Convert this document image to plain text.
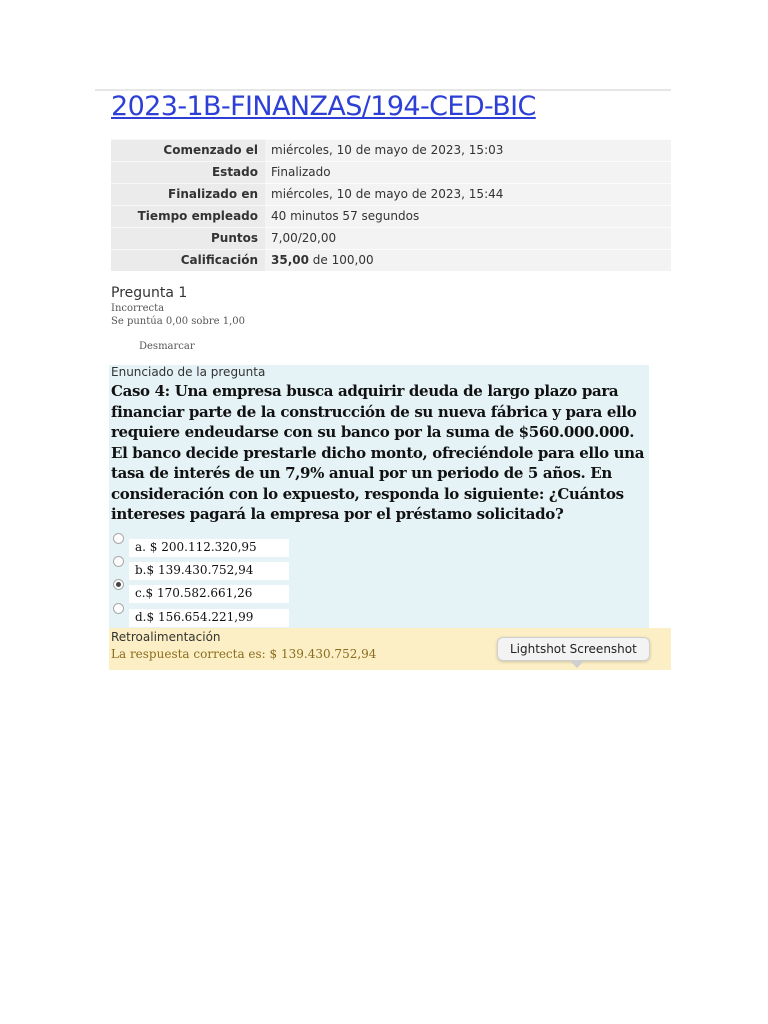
2023-1B-FINANZAS/194-CED-BIC
Comenzado el	miércoles, 10 de mayo de 2023, 15:03
Estado	Finalizado
Finalizado en	miércoles, 10 de mayo de 2023, 15:44
Tiempo empleado	40 minutos 57 segundos
Puntos	7,00/20,00
Calificación	35,00 de 100,00
Pregunta 1
Incorrecta
Se puntúa 0,00 sobre 1,00
Desmarcar
Enunciado de la pregunta
Caso 4: Una empresa busca adquirir deuda de largo plazo para financiar parte de la construcción de su nueva fábrica y para ello requiere endeudarse con su banco por la suma de $560.000.000. El banco decide prestarle dicho monto, ofreciéndole para ello una tasa de interés de un 7,9% anual por un periodo de 5 años. En consideración con lo expuesto, responda lo siguiente: ¿Cuántos intereses pagará la empresa por el préstamo solicitado?
a. $ 200.112.320,95
b.$ 139.430.752,94
c.$ 170.582.661,26
d.$ 156.654.221,99
Retroalimentación
La respuesta correcta es: $ 139.430.752,94	Lightshot Screenshot
